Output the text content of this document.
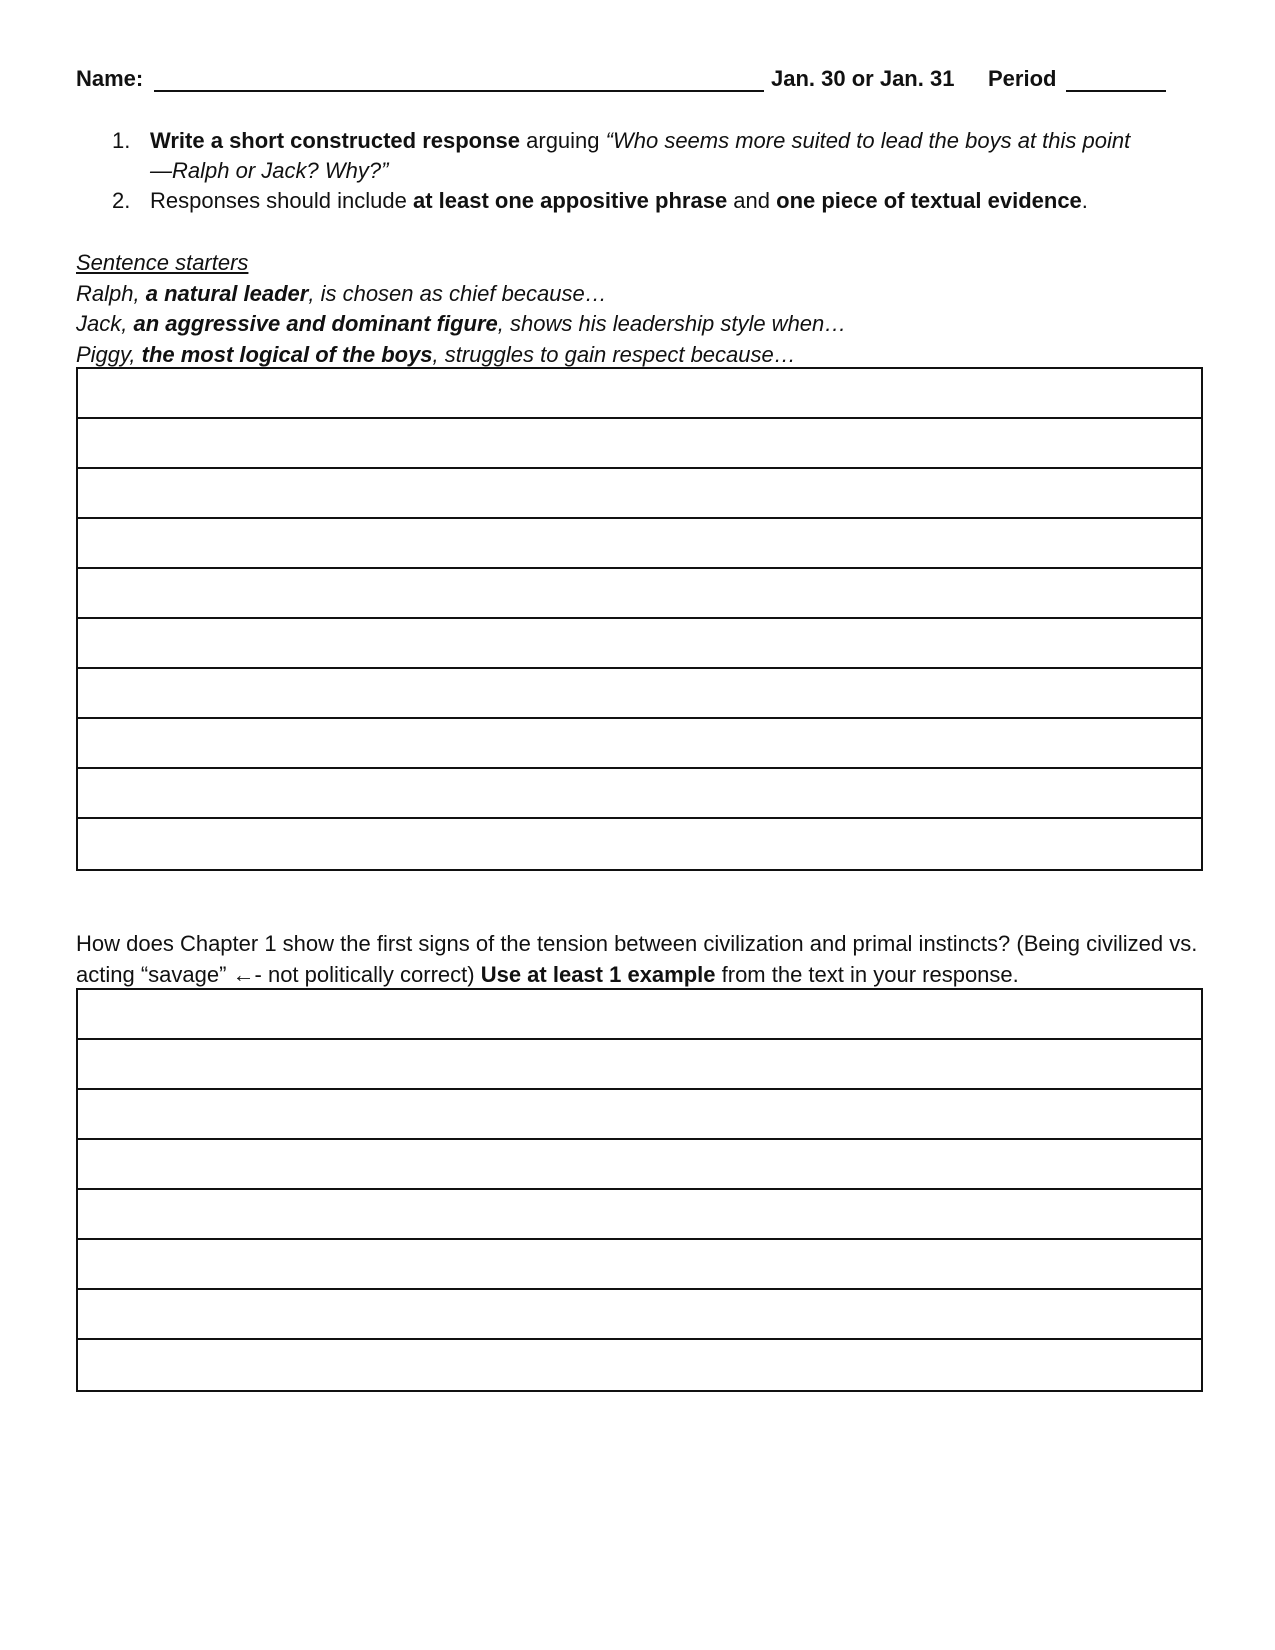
Name:	Jan. 30 or Jan. 31 Period
1. Write a short constructed response arguing “Who seems more suited to lead the boys at this point—Ralph or Jack? Why?”
2. Responses should include at least one appositive phrase and one piece of textual evidence.
Sentence starters
Ralph, a natural leader, is chosen as chief because…
Jack, an aggressive and dominant figure, shows his leadership style when…
Piggy, the most logical of the boys, struggles to gain respect because…
How does Chapter 1 show the first signs of the tension between civilization and primal instincts? (Being civilized vs. acting “savage” ←- not politically correct) Use at least 1 example from the text in your response.
